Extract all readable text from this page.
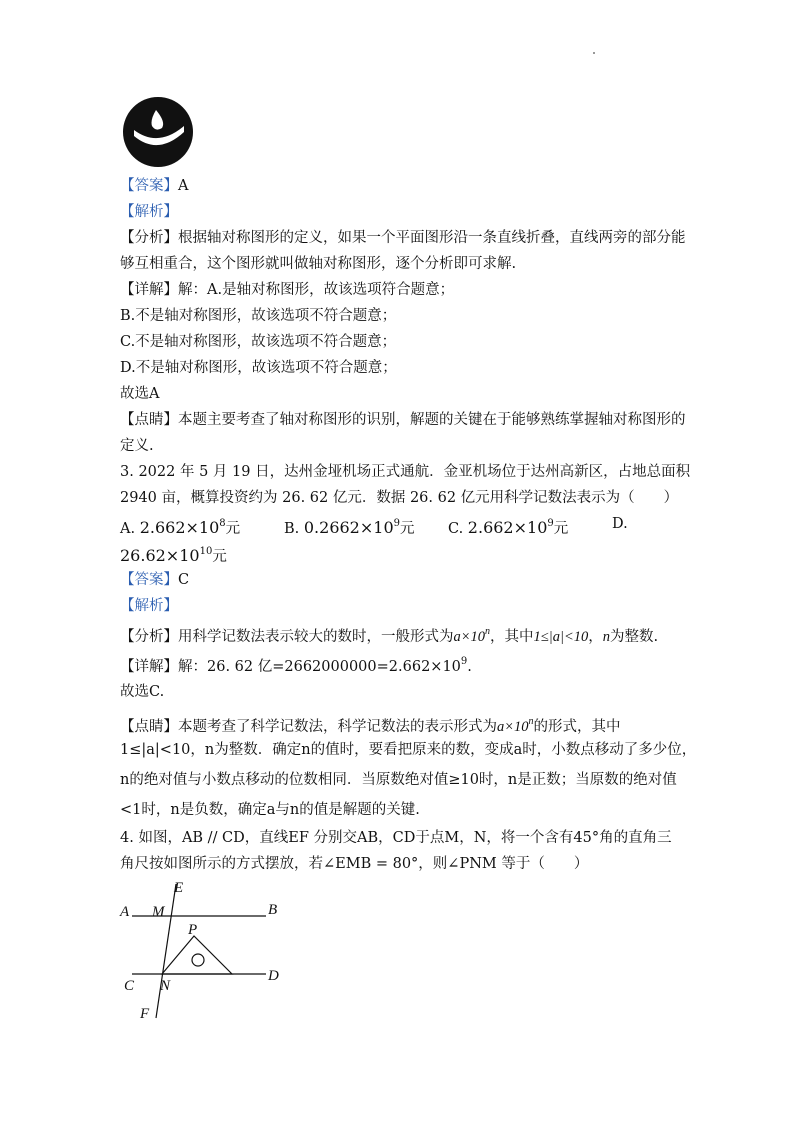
【答案】A
【解析】
【分析】根据轴对称图形的定义，如果一个平面图形沿一条直线折叠，直线两旁的部分能
够互相重合，这个图形就叫做轴对称图形，逐个分析即可求解.
【详解】解：A.是轴对称图形，故该选项符合题意；
B.不是轴对称图形，故该选项不符合题意；
C.不是轴对称图形，故该选项不符合题意；
D.不是轴对称图形，故该选项不符合题意；
故选A
【点睛】本题主要考查了轴对称图形的识别，解题的关键在于能够熟练掌握轴对称图形的
定义.
3. 2022 年 5 月 19 日，达州金垭机场正式通航．金亚机场位于达州高新区，占地总面积
2940 亩，概算投资约为 26. 62 亿元．数据 26. 62 亿元用科学记数法表示为（　　）
A. $2.662\times 10^8$元	B. $0.2662\times 10^9$元 C. $2.662\times 10^9$元	D.
$26.62\times 10^{10}$元
【答案】C
【解析】
【分析】用科学记数法表示较大的数时，一般形式为$a\times 10^n$，其中1≤|a|<10，n为整数.
【详解】解：26. 62 亿$=2662000000=2.662\times 10^9$.
故选C.
【点睛】本题考查了科学记数法，科学记数法的表示形式为$a\times 10^n$的形式，其中
1≤|a|<10，n为整数．确定n的值时，要看把原来的数，变成a时，小数点移动了多少位，
n的绝对值与小数点移动的位数相同．当原数绝对值≥10时，n是正数；当原数的绝对值
<1时，n是负数，确定a与n的值是解题的关键.
4. 如图，AB // CD，直线EF 分别交AB，CD于点M，N，将一个含有45°角的直角三
角尺按如图所示的方式摆放，若∠EMB = 80°，则∠PNM 等于（　　）
E
A M	B
P
C N
D
F
